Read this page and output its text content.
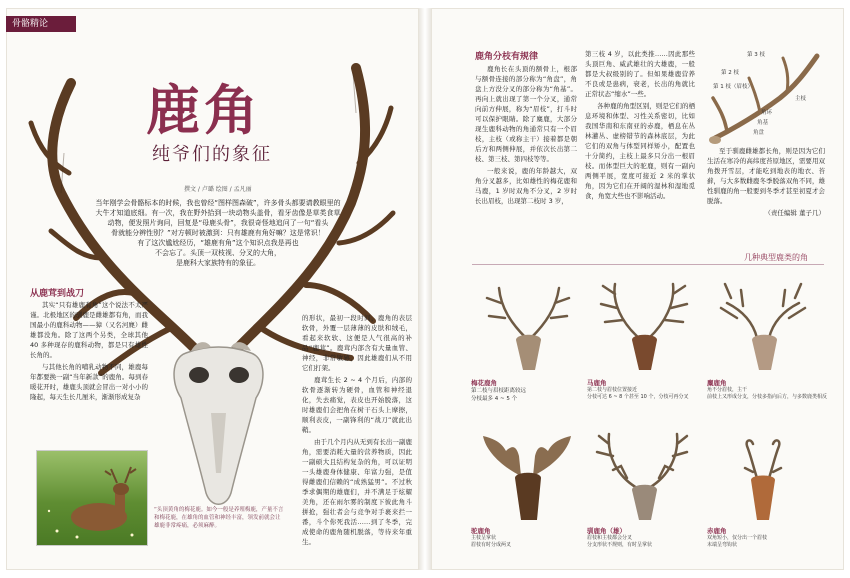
骨骼精论
鹿角
纯爷们的象征
撰文 / 卢璐 绘图 / 孟凡丽
当年刚学会骨骼标本的时候，我也曾经“图样图森破”，许多骨头都要请教眼里的
大牛才知道底细。有一次，我在野外拾到一块动物头盖骨，看牙齿像是草类食草
动物，便发照片询问，回复是“母鹿头骨”，我很奇怪地追问了一句“看头
骨就能分辨性别？”对方顿时被激到：只有雄鹿有角好嘛？这是常识！
有了这次尴尬经历，“雄鹿有角”这个知识点我是再也
不会忘了。头顶一双枝视、分叉的大角，
是鹿科大家族特有的象征。
从鹿茸到战刀

其实“只有雄鹿有角”这个说法不太严谨。北极地区的驯鹿是雌雄都有角，而我国最小的鹿科动物——獐（又名河麂）雌雄都没角。除了这两个另类，全球其他 40 多种现存的鹿科动物，都是只有雄性长角的。

与其他长角的哺乳动物不同，雄鹿每年都要换一副“当年新款”的鹿角。每到春暖花开时，雄鹿头顶就会冒出一对小小的隆起，每天生长几厘米，渐渐形成复杂

的形状，最初一段时间，鹿角的表层软骨，外覆一层薄薄的皮肤和绒毛，看起来软软、这便是人气很高的补品“鹿茸”。鹿茸内部含有大量血管、神经，非常敏感，因此雄鹿们从不用它们打架。

鹿茸生长 2 ~ 4 个月后，内部的软骨逐渐转为硬骨，血管和神经退化，失去痛觉，表皮也开始脱落，这时雄鹿们会把角在树干石头上摩擦，顺利表皮，一副锋利的“战刀”就此出鞘。

由于几个月内从无到有长出一副鹿角，需要消耗大量的营养物质，因此一副硕大且结构复杂的角，可以证明一头雄鹿身体健康、年富力强，是值得雌鹿们信赖的“成熟猛男”。不过秋季求偶期的雄鹿们，并不满足于炫耀美角，还在雨尔雾的制度下彼此角斗拼抢，强壮者会与竞争对手裹来拦一番，斗个你死我活……到了冬季，完成使命的鹿角随机脱落，等待来年重生。

“头顶黄角的梅花鹿。如今一般是养殖梅鹿，产量不言和梅花鹿，在雄角的血管和神经丰富，领发前就会让雄鹿非常疼痛，必须麻醉。
鹿角分枝有规律

鹿角长在头顶的额骨上，根部与额骨连接的部分称为“角盘”，角盘上方没分叉的部分称为“角基”。再向上就出现了第一个分叉，通常向前方伸展，称为“眉枝”，打斗时可以保护眼睛。除了麋鹿，大部分现生鹿科动物的角通常只有一个眉枝，主枝（或称主干）接着都是朝后方和两侧伸展，并依次长出第二枝、第三枝、第四枝等等。

一般来说，鹿的年龄越大，双角分叉越多，比如雄性的梅花鹿和马鹿，1 岁时双角不分叉，2 岁时长出眉枝，出现第二枝时 3 岁，

第三枝 4 岁，以此类推……因此那些头顶巨角、威武雄壮的大雄鹿，一般都是大叔级别的了。但如果雄鹿营养不良或是患病，衰老，长出的角就比正常状态“缩水”一些。

各种鹿的角型区别，则是它们的栖息环境和体型、习性关系密切，比如我国华南和东南亚的赤鹿，栖息在丛林灌丛、虚榜错节的森林底层，为此它们的双角与体型同样矫小，配置也十分简约，主枝上最多只分出一根眉枝。而体型巨大的驼鹿，则有一副向两侧平展，宽度可接近 2 米的掌状角，因为它们在开阔的湿林和湿地觅食，角宽大些也不影响活动。

第 3 枝
第 2 枝
第 1 枝（眉枝）
主枝
角环
角基
角盘

至于驯鹿雌雄都长角，则是因为它们生活在寒冷的高纬度苔原地区，需要用双角拨开雪层，才能吃到地表的地衣、苔藓，与大多数雌鹿冬季脱落双角不同，雄性驯鹿的角一般要到冬季才甚至初夏才会脱落。

（责任编辑 董子几）

几种典型鹿类的角
梅花鹿角
第二枝与眉枝距离较远
分枝最多 4 ~ 5 个
马鹿角
第二枝与眉枝位置接近
分枝可达 6 ~ 8 个甚至 10 个，分枝可再分叉
麋鹿角
角不分眉枝，主干
前枝上又形成分支，分枝多指向后方，与多数鹿类相反
驼鹿角
主枝呈掌状
眉枝有时分成两叉
驯鹿角（雄）
眉枝和主枝都会分叉
分支形状不规则，有时呈掌状
赤鹿角
双角短小，仅分出一个眉枝
末端呈弯钩状
